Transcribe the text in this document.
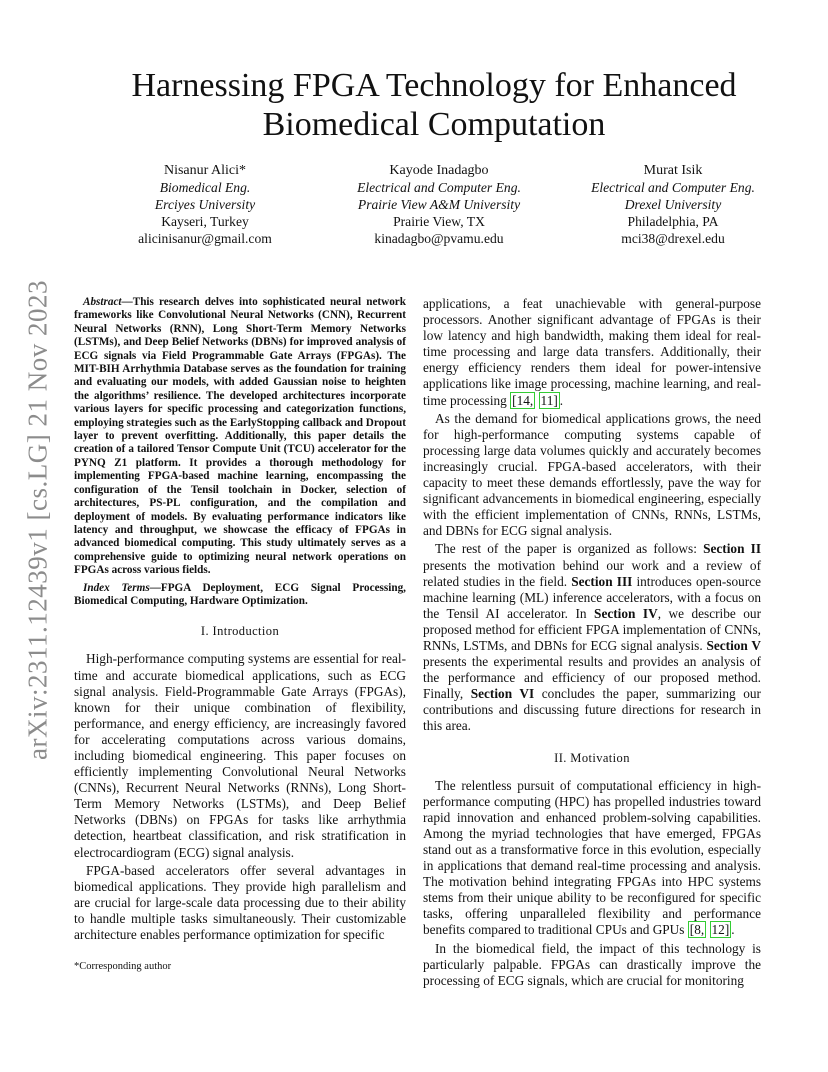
arXiv:2311.12439v1 [cs.LG] 21 Nov 2023
Harnessing FPGA Technology for Enhanced Biomedical Computation
Nisanur Alici*
Biomedical Eng.
Erciyes University
Kayseri, Turkey
alicinisanur@gmail.com
Kayode Inadagbo
Electrical and Computer Eng.
Prairie View A&M University
Prairie View, TX
kinadagbo@pvamu.edu
Murat Isik
Electrical and Computer Eng.
Drexel University
Philadelphia, PA
mci38@drexel.edu
Abstract—This research delves into sophisticated neural network frameworks like Convolutional Neural Networks (CNN), Recurrent Neural Networks (RNN), Long Short-Term Memory Networks (LSTMs), and Deep Belief Networks (DBNs) for improved analysis of ECG signals via Field Programmable Gate Arrays (FPGAs). The MIT-BIH Arrhythmia Database serves as the foundation for training and evaluating our models, with added Gaussian noise to heighten the algorithms’ resilience. The developed architectures incorporate various layers for specific processing and categorization functions, employing strategies such as the EarlyStopping callback and Dropout layer to prevent overfitting. Additionally, this paper details the creation of a tailored Tensor Compute Unit (TCU) accelerator for the PYNQ Z1 platform. It provides a thorough methodology for implementing FPGA-based machine learning, encompassing the configuration of the Tensil toolchain in Docker, selection of architectures, PS-PL configuration, and the compilation and deployment of models. By evaluating performance indicators like latency and throughput, we showcase the efficacy of FPGAs in advanced biomedical computing. This study ultimately serves as a comprehensive guide to optimizing neural network operations on FPGAs across various fields.
Index Terms—FPGA Deployment, ECG Signal Processing, Biomedical Computing, Hardware Optimization.
I. Introduction

High-performance computing systems are essential for real-time and accurate biomedical applications, such as ECG signal analysis. Field-Programmable Gate Arrays (FPGAs), known for their unique combination of flexibility, performance, and energy efficiency, are increasingly favored for accelerating computations across various domains, including biomedical engineering. This paper focuses on efficiently implementing Convolutional Neural Networks (CNNs), Recurrent Neural Networks (RNNs), Long Short-Term Memory Networks (LSTMs), and Deep Belief Networks (DBNs) on FPGAs for tasks like arrhythmia detection, heartbeat classification, and risk stratification in electrocardiogram (ECG) signal analysis.

FPGA-based accelerators offer several advantages in biomedical applications. They provide high parallelism and are crucial for large-scale data processing due to their ability to handle multiple tasks simultaneously. Their customizable architecture enables performance optimization for specific

*Corresponding author

applications, a feat unachievable with general-purpose processors. Another significant advantage of FPGAs is their low latency and high bandwidth, making them ideal for real-time processing and large data transfers. Additionally, their energy efficiency renders them ideal for power-intensive applications like image processing, machine learning, and real-time processing [14, 11] .

As the demand for biomedical applications grows, the need for high-performance computing systems capable of processing large data volumes quickly and accurately becomes increasingly crucial. FPGA-based accelerators, with their capacity to meet these demands effortlessly, pave the way for significant advancements in biomedical engineering, especially with the efficient implementation of CNNs, RNNs, LSTMs, and DBNs for ECG signal analysis.

The rest of the paper is organized as follows: Section II presents the motivation behind our work and a review of related studies in the field. Section III introduces open-source machine learning (ML) inference accelerators, with a focus on the Tensil AI accelerator. In Section IV, we describe our proposed method for efficient FPGA implementation of CNNs, RNNs, LSTMs, and DBNs for ECG signal analysis. Section V presents the experimental results and provides an analysis of the performance and efficiency of our proposed method. Finally, Section VI concludes the paper, summarizing our contributions and discussing future directions for research in this area.

II. Motivation

The relentless pursuit of computational efficiency in high-performance computing (HPC) has propelled industries toward rapid innovation and enhanced problem-solving capabilities. Among the myriad technologies that have emerged, FPGAs stand out as a transformative force in this evolution, especially in applications that demand real-time processing and analysis. The motivation behind integrating FPGAs into HPC systems stems from their unique ability to be reconfigured for specific tasks, offering unparalleled flexibility and performance benefits compared to traditional CPUs and GPUs [8, 12] .

In the biomedical field, the impact of this technology is particularly palpable. FPGAs can drastically improve the processing of ECG signals, which are crucial for monitoring
